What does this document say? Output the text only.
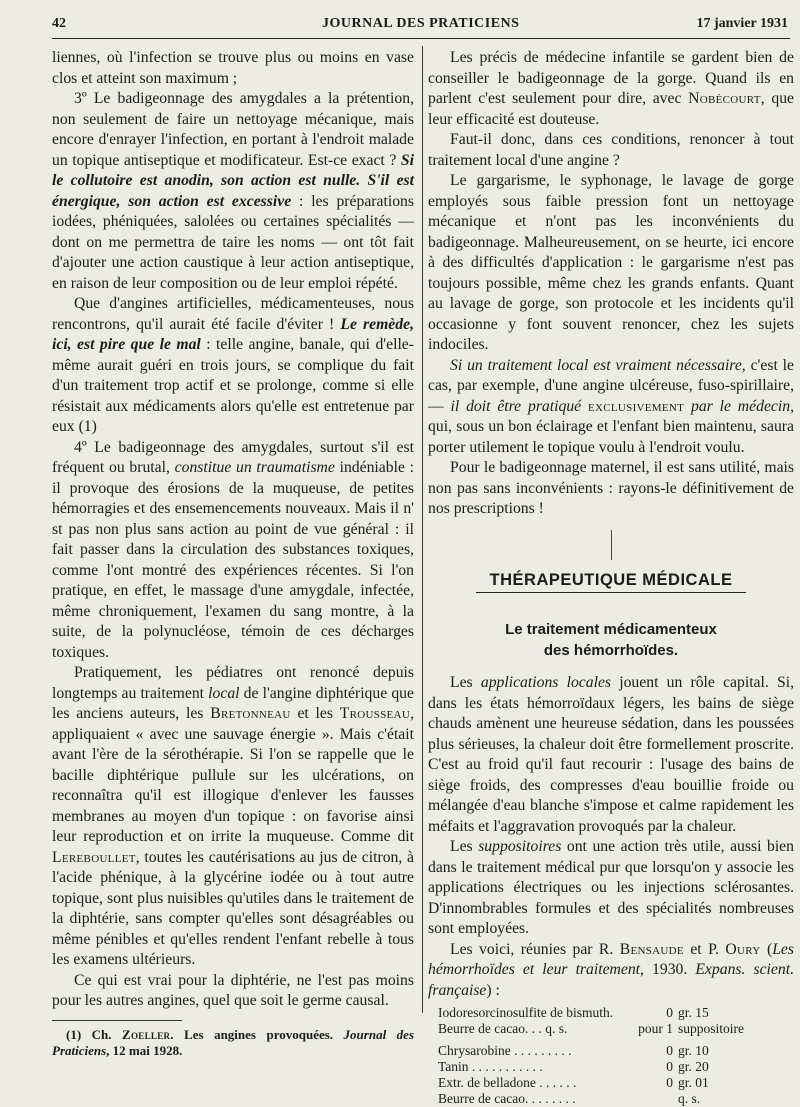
42	JOURNAL DES PRATICIENS	17 janvier 1931

liennes, où l'infection se trouve plus ou moins en vase clos et atteint son maximum ;

3º Le badigeonnage des amygdales a la prétention, non seulement de faire un nettoyage mécanique, mais encore d'enrayer l'infection, en portant à l'endroit malade un topique antiseptique et modificateur. Est-ce exact ? Si le collutoire est anodin, son action est nulle. S'il est énergique, son action est excessive : les préparations iodées, phéniquées, salolées ou certaines spécialités — dont on me permettra de taire les noms — ont tôt fait d'ajouter une action caustique à leur action antiseptique, en raison de leur composition ou de leur emploi répété.

Que d'angines artificielles, médicamenteuses, nous rencontrons, qu'il aurait été facile d'éviter ! Le remède, ici, est pire que le mal : telle angine, banale, qui d'elle-même aurait guéri en trois jours, se complique du fait d'un traitement trop actif et se prolonge, comme si elle résistait aux médicaments alors qu'elle est entretenue par eux (1)

4º Le badigeonnage des amygdales, surtout s'il est fréquent ou brutal, constitue un traumatisme indéniable : il provoque des érosions de la muqueuse, de petites hémorragies et des ensemencements nouveaux. Mais il n' st pas non plus sans action au point de vue général : il fait passer dans la circulation des substances toxiques, comme l'ont montré des expériences récentes. Si l'on pratique, en effet, le massage d'une amygdale, infectée, même chroniquement, l'examen du sang montre, à la suite, de la polynucléose, témoin de ces décharges toxiques.

Pratiquement, les pédiatres ont renoncé depuis longtemps au traitement local de l'angine diphtérique que les anciens auteurs, les Bretonneau et les Trousseau, appliquaient « avec une sauvage énergie ». Mais c'était avant l'ère de la sérothérapie. Si l'on se rappelle que le bacille diphtérique pullule sur les ulcérations, on reconnaîtra qu'il est illogique d'enlever les fausses membranes au moyen d'un topique : on favorise ainsi leur reproduction et on irrite la muqueuse. Comme dit Lereboullet, toutes les cautérisations au jus de citron, à l'acide phénique, à la glycérine iodée ou à tout autre topique, sont plus nuisibles qu'utiles dans le traitement de la diphtérie, sans compter qu'elles sont désagréables ou même pénibles et qu'elles rendent l'enfant rebelle à tous les examens ultérieurs.

Ce qui est vrai pour la diphtérie, ne l'est pas moins pour les autres angines, quel que soit le germe causal.

(1) Ch. Zoeller. Les angines provoquées. Journal des Praticiens, 12 mai 1928.

Les précis de médecine infantile se gardent bien de conseiller le badigeonnage de la gorge. Quand ils en parlent c'est seulement pour dire, avec Nobécourt, que leur efficacité est douteuse.

Faut-il donc, dans ces conditions, renoncer à tout traitement local d'une angine ?

Le gargarisme, le syphonage, le lavage de gorge employés sous faible pression font un nettoyage mécanique et n'ont pas les inconvénients du badigeonnage. Malheureusement, on se heurte, ici encore à des difficultés d'application : le gargarisme n'est pas toujours possible, même chez les grands enfants. Quant au lavage de gorge, son protocole et les incidents qu'il occasionne y font souvent renoncer, chez les sujets indociles.

Si un traitement local est vraiment nécessaire, c'est le cas, par exemple, d'une angine ulcéreuse, fuso-spirillaire, — il doit être pratiqué exclusivement par le médecin, qui, sous un bon éclairage et l'enfant bien maintenu, saura porter utilement le topique voulu à l'endroit voulu.

Pour le badigeonnage maternel, il est sans utilité, mais non pas sans inconvénients : rayons-le définitivement de nos prescriptions !

THÉRAPEUTIQUE MÉDICALE
Le traitement médicamenteux
des hémorrhoïdes.

Les applications locales jouent un rôle capital. Si, dans les états hémorroïdaux légers, les bains de siège chauds amènent une heureuse sédation, dans les poussées plus sérieuses, la chaleur doit être formellement proscrite. C'est au froid qu'il faut recourir : l'usage des bains de siège froids, des compresses d'eau bouillie froide ou mélangée d'eau blanche s'impose et calme rapidement les méfaits et l'aggravation provoqués par la chaleur.

Les suppositoires ont une action très utile, aussi bien dans le traitement médical pur que lorsqu'on y associe les applications électriques ou les injections sclérosantes. D'innombrables formules et des spécialités nombreuses sont employées.

Les voici, réunies par R. Bensaude et P. Oury (Les hémorrhoïdes et leur traitement, 1930. Expans. scient. française) :

Iodoresorcinosulfite de bismuth.	0	gr. 15
Beurre de cacao. . . q. s.	pour 1	suppositoire
Chrysarobine . . . . . . . . .	0	gr. 10
Tanin . . . . . . . . . . .	0	gr. 20
Extr. de belladone . . . . . .	0	gr. 01
Beurre de cacao. . . . . . . .		q. s.
